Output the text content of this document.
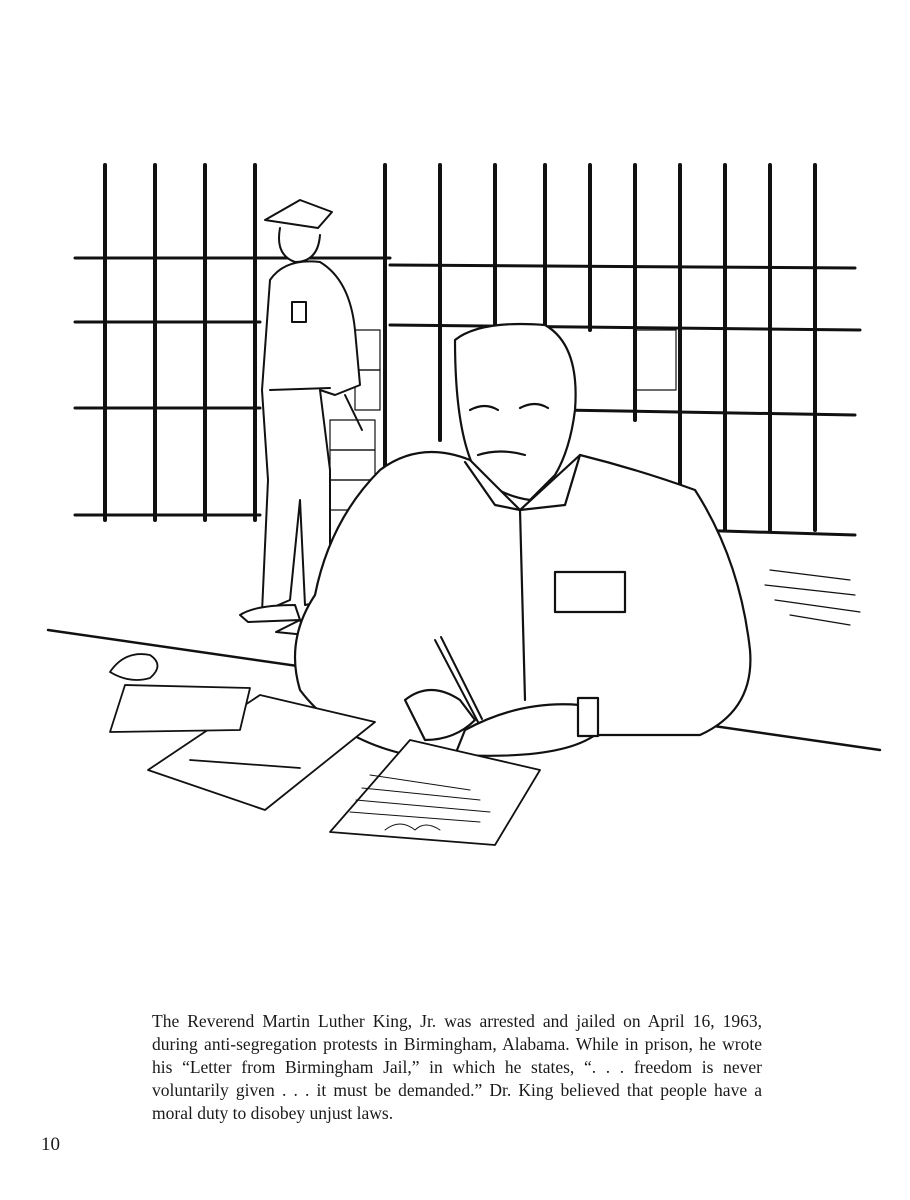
The Reverend Martin Luther King, Jr. was arrested and jailed on April 16, 1963, during anti-segregation protests in Birmingham, Alabama. While in prison, he wrote his “Letter from Birmingham Jail,” in which he states, “. . . freedom is never voluntarily given . . . it must be demanded.” Dr. King believed that people have a moral duty to disobey unjust laws.

10
